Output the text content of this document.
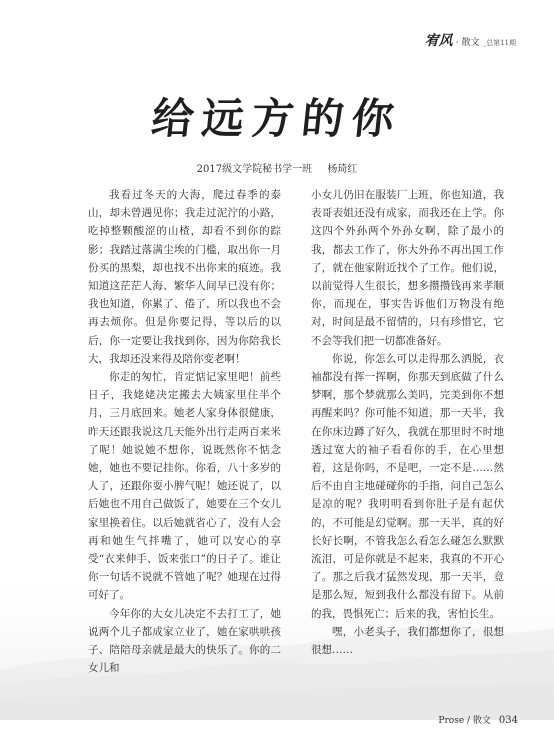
宥风 · 散文 _总第11期
给远方的你
2017级文学院秘书学一班 杨琦红

我看过冬天的大海，爬过春季的泰山，却未曾遇见你；我走过泥泞的小路，吃掉整颗酸涩的山楂，却看不到你的踪影；我踏过落满尘埃的门槛，取出你一月份买的黑梨，却也找不出你来的痕迹。我知道这茫茫人海、繁华人间早已没有你；我也知道，你累了、倦了，所以我也不会再去烦你。但是你要记得，等以后的以后，你一定要让我找到你，因为你陪我长大，我却还没来得及陪你变老啊！

你走的匆忙，肯定惦记家里吧！前些日子，我姥姥决定搬去大姨家里住半个月，三月底回来。她老人家身体很健康，昨天还跟我说这几天能外出行走两百来米了呢！她说她不想你，说既然你不惦念她，她也不要记挂你。你看，八十多岁的人了，还跟你耍小脾气呢！她还说了，以后她也不用自己做饭了，她要在三个女儿家里换着住。以后她就省心了，没有人会再和她生气拌嘴了，她可以安心的享受“衣来伸手、饭来张口”的日子了。谁让你一句话不说就不管她了呢？她现在过得可好了。

今年你的大女儿决定不去打工了，她说两个儿子都成家立业了，她在家哄哄孩子、陪陪母亲就是最大的快乐了。你的二女儿和

小女儿仍旧在服装厂上班，你也知道，我表哥表姐还没有成家，而我还在上学。你这四个外孙两个外孙女啊，除了最小的我，都去工作了，你大外孙不再出国工作了，就在他家附近找个了工作。他们说，以前觉得人生很长，想多攒攒钱再来孝顺你，而现在，事实告诉他们万物没有绝对，时间是最不留情的，只有珍惜它，它不会等我们把一切都准备好。

你说，你怎么可以走得那么洒脱，衣袖都没有挥一挥啊，你那天到底做了什么梦啊，那个梦就那么美吗，完美到你不想再醒来吗？你可能不知道，那一天半，我在你床边蹲了好久，我就在那里时不时地透过宽大的袖子看看你的手，在心里想着，这是你吗，不是吧，一定不是……然后不由自主地碰碰你的手指，问自己怎么是凉的呢？我明明看到你肚子是有起伏的，不可能是幻觉啊。那一天半，真的好长好长啊，不管我怎么看怎么碰怎么默默流泪，可是你就是不起来，我真的不开心了。那之后我才猛然发现，那一天半，竟是那么短，短到我什么都没有留下。从前的我，畏惧死亡；后来的我，害怕长生。

嘿，小老头子，我们都想你了，很想很想……

Prose / 散文 034
